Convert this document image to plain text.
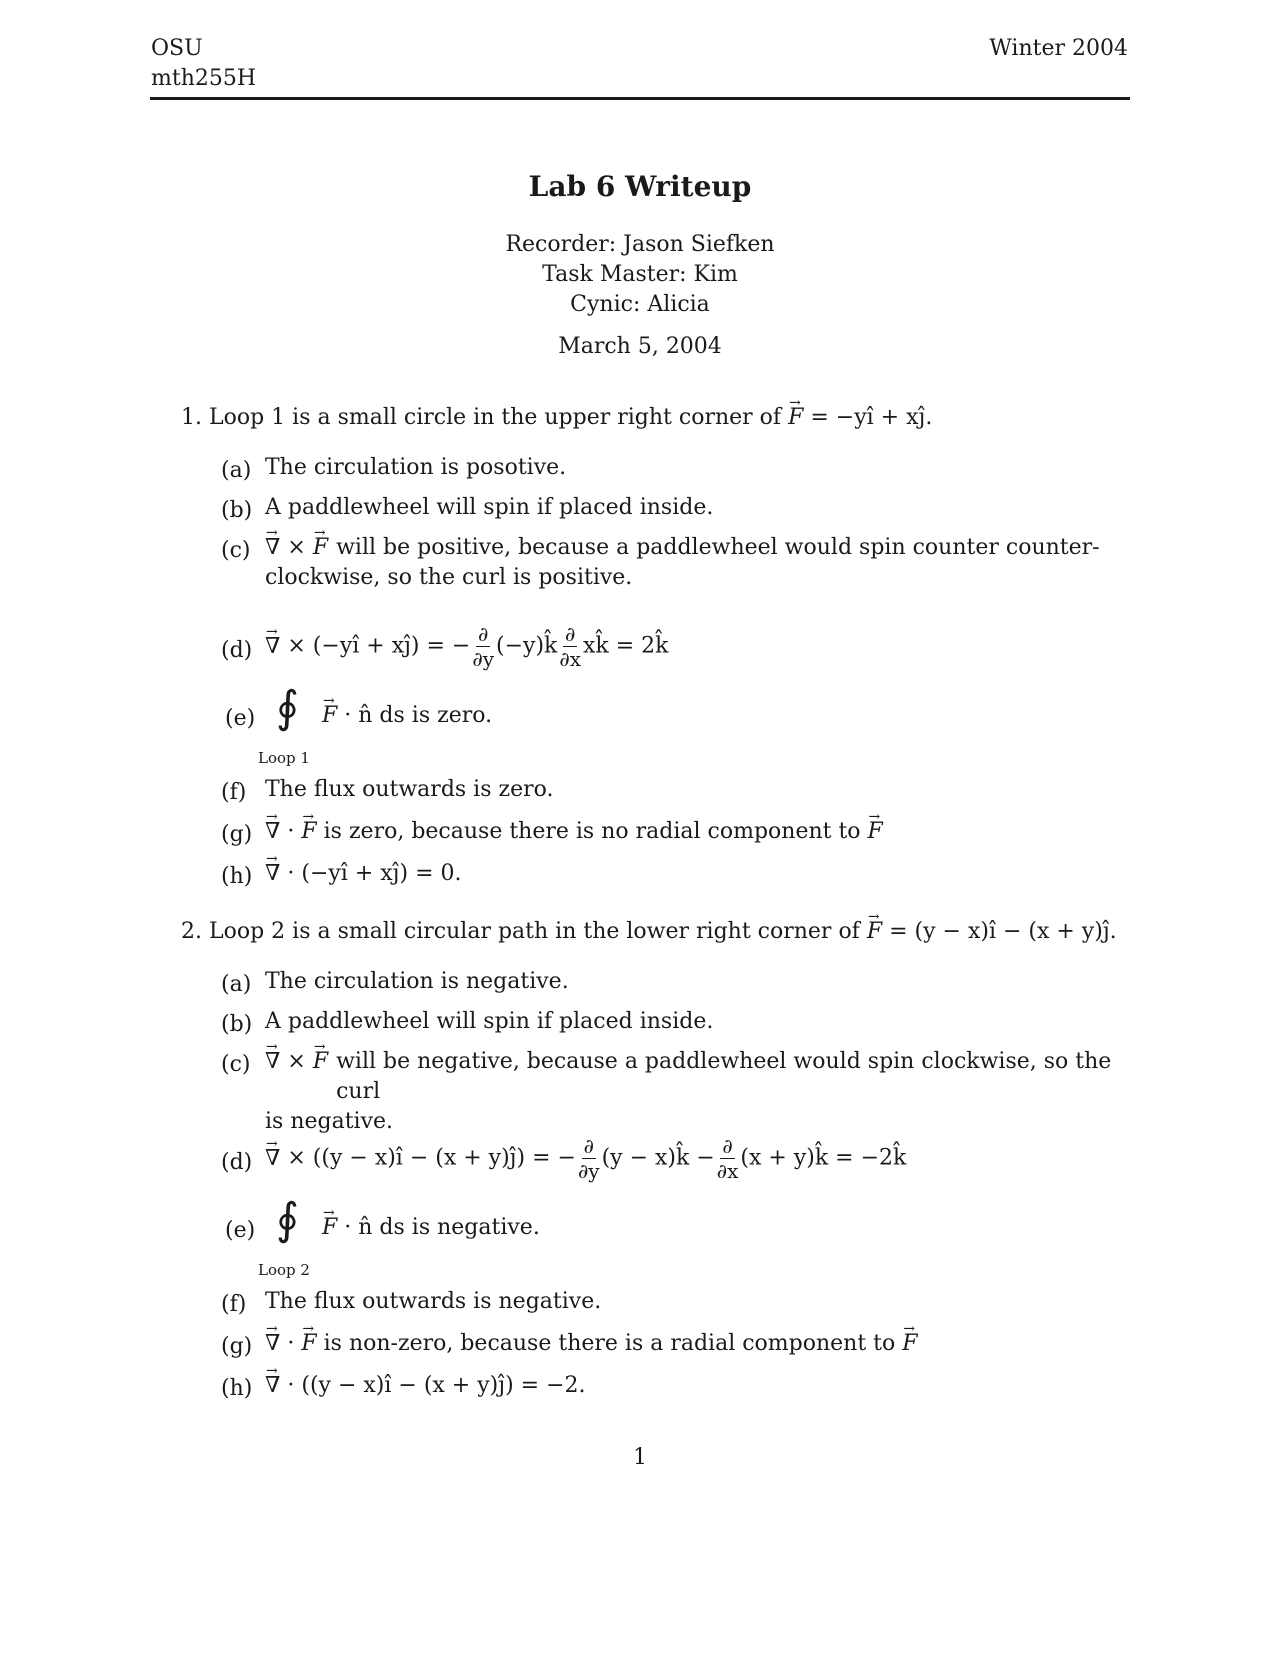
OSU
mth255H
Winter 2004
Lab 6 Writeup
Recorder: Jason Siefken
Task Master: Kim
Cynic: Alicia
March 5, 2004
1. Loop 1 is a small circle in the upper right corner of → F = −yî + xĵ.
(a) The circulation is posotive.
(b) A paddlewheel will spin if placed inside.
(c) → ∇ × → F will be positive, because a paddlewheel would spin counter counter-
clockwise, so the curl is positive.
(d) → ∇ × (−yî + xĵ) = − $\frac{\partial}{\partial y}$ (−y)k̂ $\frac{\partial}{\partial x}$ xk̂ = 2k̂
(e) ∮
Loop 1
→ F · n̂ ds is zero.
(f) The flux outwards is zero.
(g) → ∇ · → F is zero, because there is no radial component to → F
(h) → ∇ · (−yî + xĵ) = 0.
2. Loop 2 is a small circular path in the lower right corner of → F = (y − x)î − (x + y)ĵ.
(a) The circulation is negative.
(b) A paddlewheel will spin if placed inside.
(c) → ∇ × → F will be negative, because a paddlewheel would spin clockwise, so the curl
is negative.
(d) → ∇ × ((y − x)î − (x + y)ĵ) = − $\frac{\partial}{\partial y} (y$ − x)k̂ − $\frac{\partial}{\partial x} (x$ + y)k̂ = −2k̂
(e) ∮
Loop 2
→ F · n̂ ds is negative.
(f) The flux outwards is negative.
(g) → ∇ · → F is non-zero, because there is a radial component to → F
(h) → ∇ · ((y − x)î − (x + y)ĵ) = −2.
1
